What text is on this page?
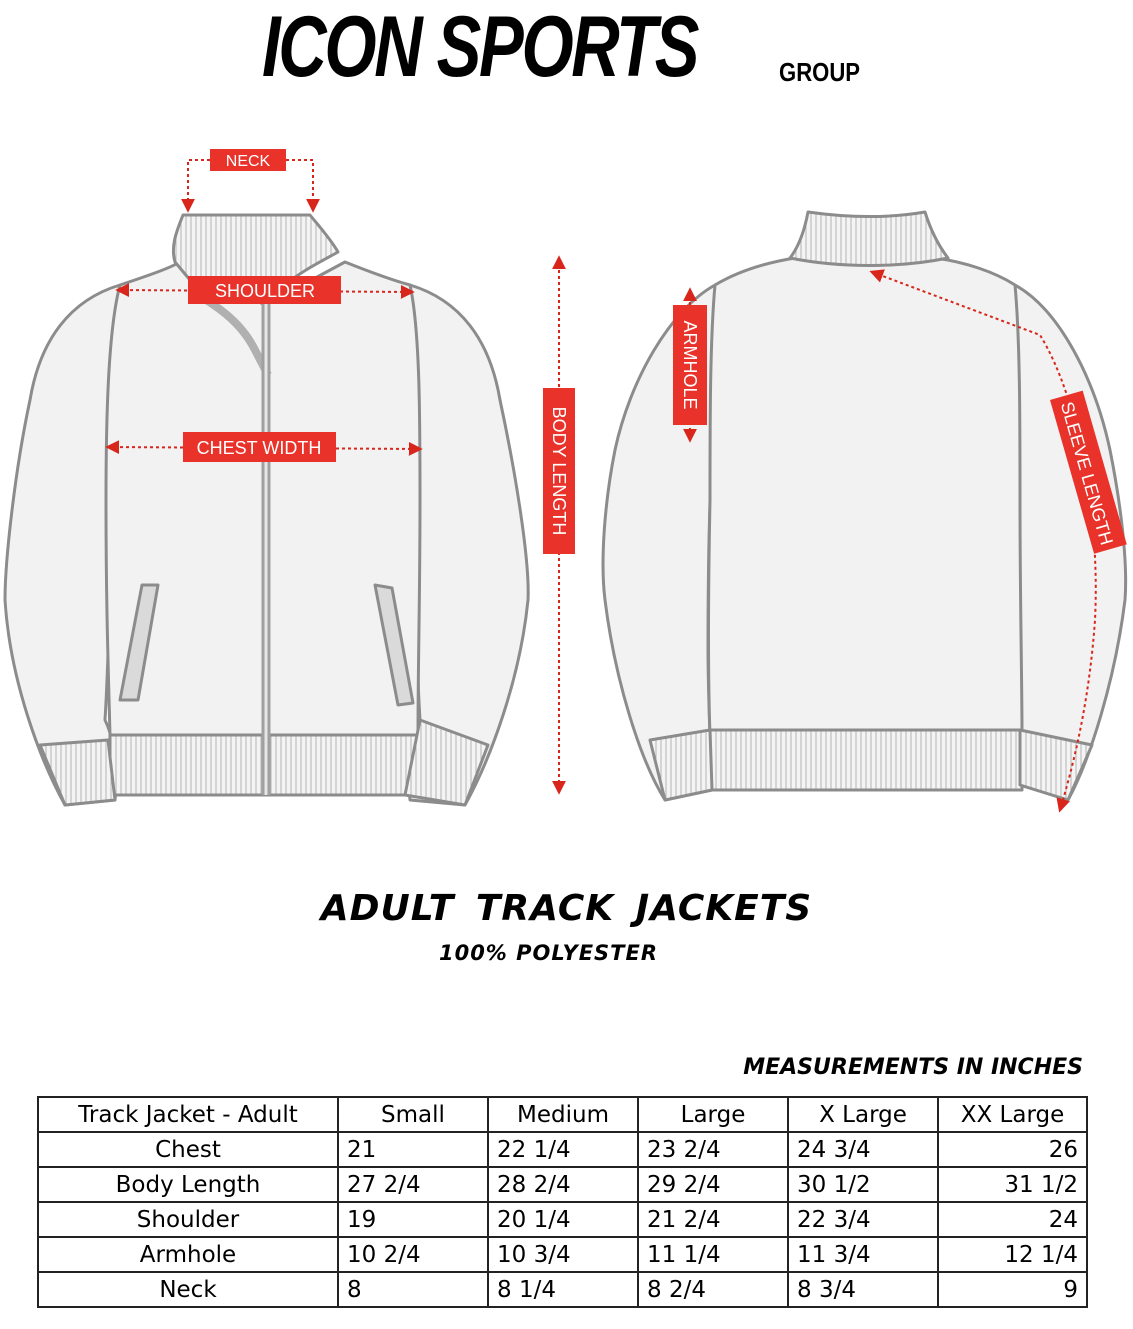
ICON SPORTS	GROUP
NECK
SHOULDER
CHEST WIDTH	BODY LENGTH
ARMHOLE
SLEEVE LENGTH
ADULT TRACK JACKETS
100% POLYESTER
MEASUREMENTS IN INCHES
Track Jacket - Adult	Small	Medium	Large	X Large	XX Large
Chest	21	22 1/4	23 2/4	24 3/4	26
Body Length	27 2/4	28 2/4	29 2/4	30 1/2	31 1/2
Shoulder	19	20 1/4	21 2/4	22 3/4	24
Armhole	10 2/4	10 3/4	11 1/4	11 3/4	12 1/4
Neck	8	8 1/4	8 2/4	8 3/4	9
